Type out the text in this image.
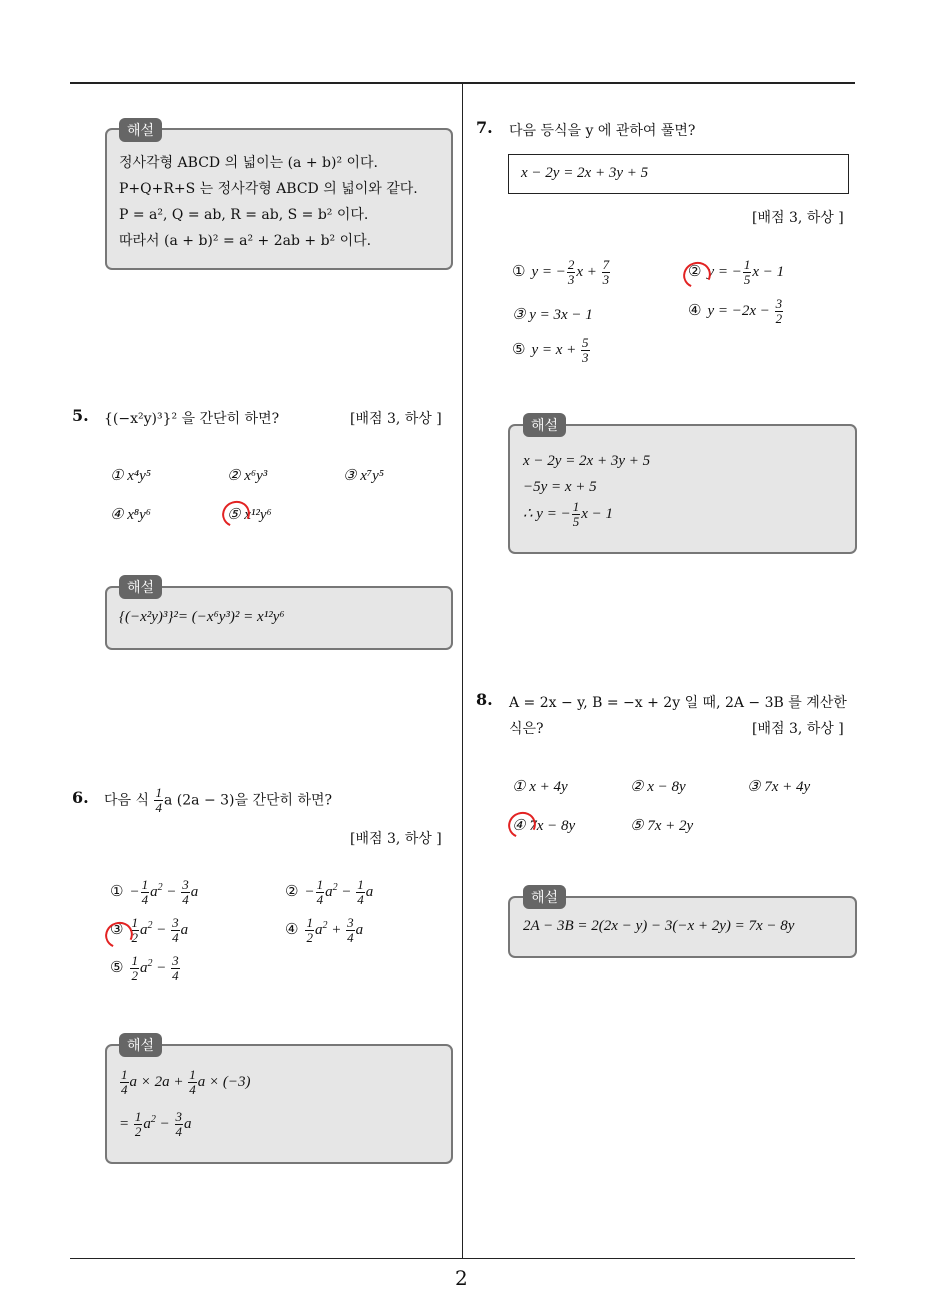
2
해설
정사각형 ABCD 의 넓이는 (a + b)² 이다.
P+Q+R+S 는 정사각형 ABCD 의 넓이와 같다.
P = a², Q = ab, R = ab, S = b² 이다.
따라서 (a + b)² = a² + 2ab + b² 이다.
5. {(−x²y)³}² 을 간단히 하면?	[배점 3, 하상 ]
① x⁴y⁵	② x⁶y³	③ x⁷y⁵
④ x⁸y⁶	⑤ x¹²y⁶
해설
{(−x²y)³}²= (−x⁶y³)² = x¹²y⁶
6. 다음 식 $\frac{1}{4}$ a (2a − 3)을 간단히 하면?
[배점 3, 하상 ]
① − $\frac{1}{4} a^2 - \frac{3}{4}$ a	② − $\frac{1}{4} a^2 - \frac{1}{4}$ a
③ $\frac{1}{2} a^2 - \frac{3}{4}$ a	④ $\frac{1}{2} a^2 + \frac{3}{4}$ a
⑤ $\frac{1}{2} a^2 - \frac{3}{4}$
해설
$\frac{1}{4}$ $a \times 2a + \frac{1}{4}$ a × (−3)
= $\frac{1}{2} a^2 - \frac{3}{4}$ a
7. 다음 등식을 y 에 관하여 풀면?
x − 2y = 2x + 3y + 5
[배점 3, 하상 ]
① y = − $\frac{2}{3}$ $x + \frac{7}{3}$	② y = − $\frac{1}{5}$ x − 1
③ y = 3x − 1	④ $y = -2x - \frac{3}{2}$
⑤ $y = x + \frac{5}{3}$
해설
x − 2y = 2x + 3y + 5
−5y = x + 5
∴ y = − $\frac{1}{5}$ x − 1
8. A = 2x − y, B = −x + 2y 일 때, 2A − 3B 를 계산한
식은?	[배점 3, 하상 ]
① x + 4y	② x − 8y	③ 7x + 4y
④ 7x − 8y	⑤ 7x + 2y
해설
2A − 3B = 2(2x − y) − 3(−x + 2y) = 7x − 8y
